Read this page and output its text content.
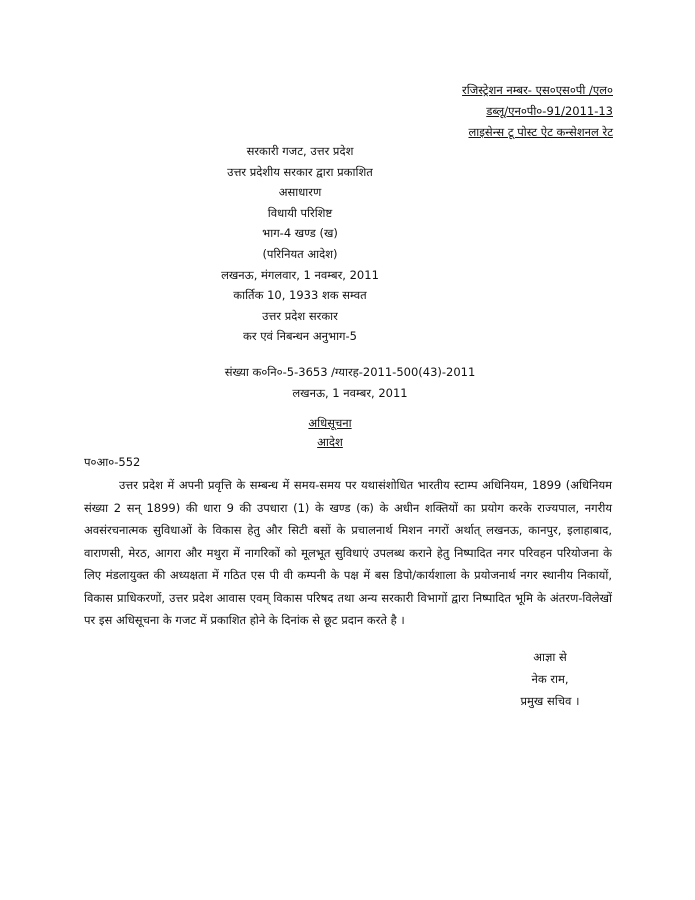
रजिस्ट्रेशन नम्बर- एस०एस०पी /एल०
डब्लू/एन०पी०-91/2011-13
लाइसेन्स टू पोस्ट ऐट कन्सेशनल रेट
सरकारी गजट, उत्तर प्रदेश
उत्तर प्रदेशीय सरकार द्वारा प्रकाशित
असाधारण
विधायी परिशिष्ट
भाग-4 खण्ड (ख)
(परिनियत आदेश)
लखनऊ, मंगलवार, 1 नवम्बर, 2011
कार्तिक 10, 1933 शक सम्वत
उत्तर प्रदेश सरकार
कर एवं निबन्धन अनुभाग-5
संख्या क०नि०-5-3653 /ग्यारह-2011-500(43)-2011
लखनऊ, 1 नवम्बर, 2011
अधिसूचना
आदेश
प०आ०-552

उत्तर प्रदेश में अपनी प्रवृत्ति के सम्बन्ध में समय-समय पर यथासंशोधित भारतीय स्टाम्प अधिनियम, 1899 (अधिनियम संख्या 2 सन् 1899) की धारा 9 की उपधारा (1) के खण्ड (क) के अधीन शक्तियों का प्रयोग करके राज्यपाल, नगरीय अवसंरचनात्मक सुविधाओं के विकास हेतु और सिटी बसों के प्रचालनार्थ मिशन नगरों अर्थात् लखनऊ, कानपुर, इलाहाबाद, वाराणसी, मेरठ, आगरा और मथुरा में नागरिकों को मूलभूत सुविधाएं उपलब्ध कराने हेतु निष्पादित नगर परिवहन परियोजना के लिए मंडलायुक्त की अध्यक्षता में गठित एस पी वी कम्पनी के पक्ष में बस डिपो/कार्यशाला के प्रयोजनार्थ नगर स्थानीय निकायों, विकास प्राधिकरणों, उत्तर प्रदेश आवास एवम् विकास परिषद तथा अन्य सरकारी विभागों द्वारा निष्पादित भूमि के अंतरण-विलेखों पर इस अधिसूचना के गजट में प्रकाशित होने के दिनांक से छूट प्रदान करते है ।

आज्ञा से
नेक राम,
प्रमुख सचिव ।
